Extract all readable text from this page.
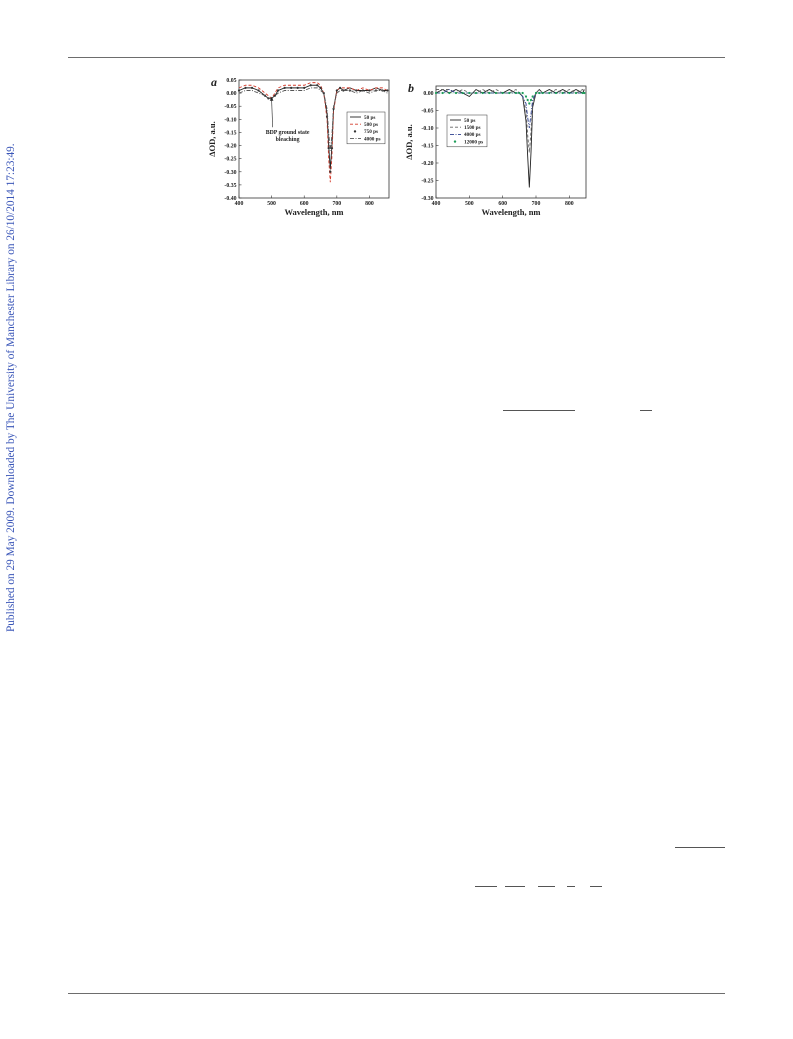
Published on 29 May 2009. Downloaded by The University of Manchester Library on 26/10/2014 17:23:49.
a
400	500	600	700	800
0.05
0.00
-0.05
-0.10
-0.15
-0.20
-0.25
-0.30
-0.35
-0.40
Wavelength, nm
ΔOD, a.u.
50 ps
500 ps
750 ps
4000 ps
BDP ground state
bleaching
b
400	500	600	700	800
0.00
-0.05
-0.10
-0.15
-0.20
-0.25
-0.30
Wavelength, nm
ΔOD, a.u.
50 ps
1500 ps
4000 ps
12000 ps
